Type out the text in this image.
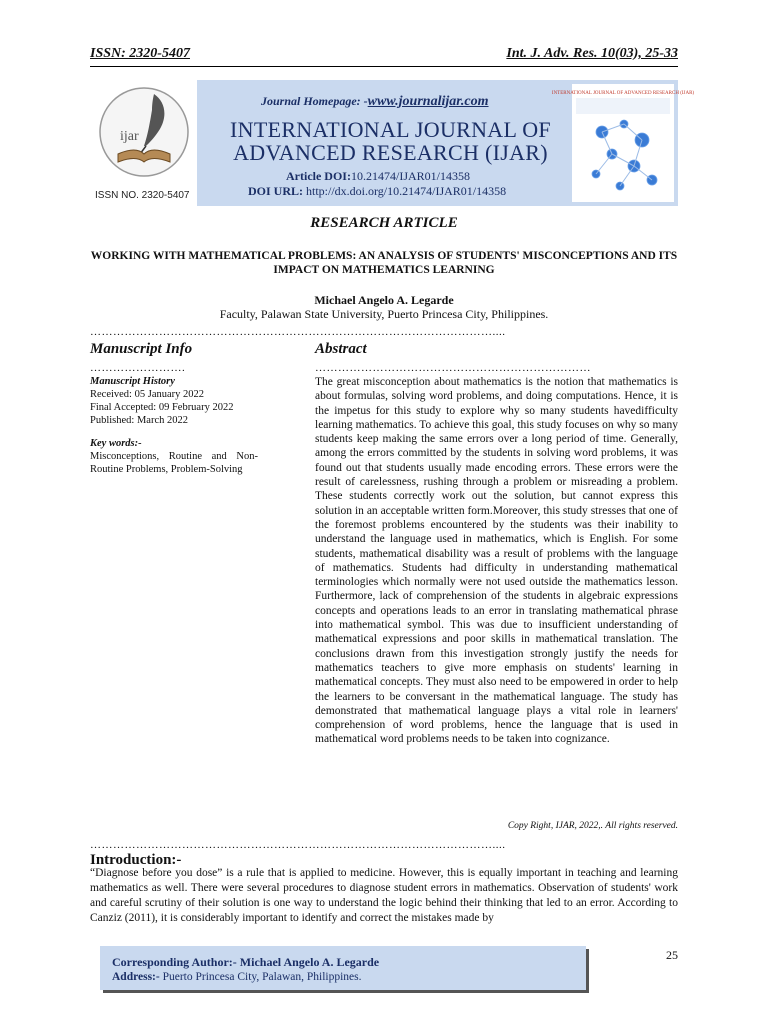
ISSN: 2320-5407	Int. J. Adv. Res. 10(03), 25-33
ijar
ISSN NO. 2320-5407
Journal Homepage: -www.journalijar.com
INTERNATIONAL JOURNAL OF ADVANCED RESEARCH (IJAR)
Article DOI:10.21474/IJAR01/14358
DOI URL: http://dx.doi.org/10.21474/IJAR01/14358
INTERNATIONAL JOURNAL OF ADVANCED RESEARCH (IJAR)
RESEARCH ARTICLE
WORKING WITH MATHEMATICAL PROBLEMS: AN ANALYSIS OF STUDENTS' MISCONCEPTIONS AND ITS IMPACT ON MATHEMATICS LEARNING
Michael Angelo A. Legarde
Faculty, Palawan State University, Puerto Princesa City, Philippines.
……………………………………………………………………………………………....
Manuscript Info	Abstract
…………………….	………………………………………………………………
Manuscript History
Received: 05 January 2022
Final Accepted: 09 February 2022
Published: March 2022
Key words:-
Misconceptions, Routine and Non-Routine Problems, Problem-Solving
The great misconception about mathematics is the notion that mathematics is about formulas, solving word problems, and doing computations. Hence, it is the impetus for this study to explore why so many students havedifficulty learning mathematics. To achieve this goal, this study focuses on why so many students keep making the same errors over a long period of time. Generally, among the errors committed by the students in solving word problems, it was found out that students usually made encoding errors. These errors were the result of carelessness, rushing through a problem or misreading a problem. These students correctly work out the solution, but cannot express this solution in an acceptable written form.Moreover, this study stresses that one of the foremost problems encountered by the students was their inability to understand the language used in mathematics, which is English. For some students, mathematical disability was a result of problems with the language of mathematics. Students had difficulty in understanding mathematical terminologies which normally were not used outside the mathematics lesson. Furthermore, lack of comprehension of the students in algebraic expressions concepts and operations leads to an error in translating mathematical phrase into mathematical symbol. This was due to insufficient understanding of mathematical expressions and poor skills in mathematical translation. The conclusions drawn from this investigation strongly justify the needs for mathematics teachers to give more emphasis on students' learning in mathematical concepts. They must also need to be empowered in order to help the learners to be conversant in the mathematical language. The study has demonstrated that mathematical language plays a vital role in learners' comprehension of word problems, hence the language that is used in mathematical word problems needs to be taken into cognizance.
Copy Right, IJAR, 2022,. All rights reserved.
……………………………………………………………………………………………....
Introduction:-
“Diagnose before you dose” is a rule that is applied to medicine. However, this is equally important in teaching and learning mathematics as well. There were several procedures to diagnose student errors in mathematics. Observation of students' work and careful scrutiny of their solution is one way to understand the logic behind their thinking that led to an error. According to Canziz (2011), it is considerably important to identify and correct the mistakes made by
Corresponding Author:- Michael Angelo A. Legarde
Address:- Puerto Princesa City, Palawan, Philippines.
25
